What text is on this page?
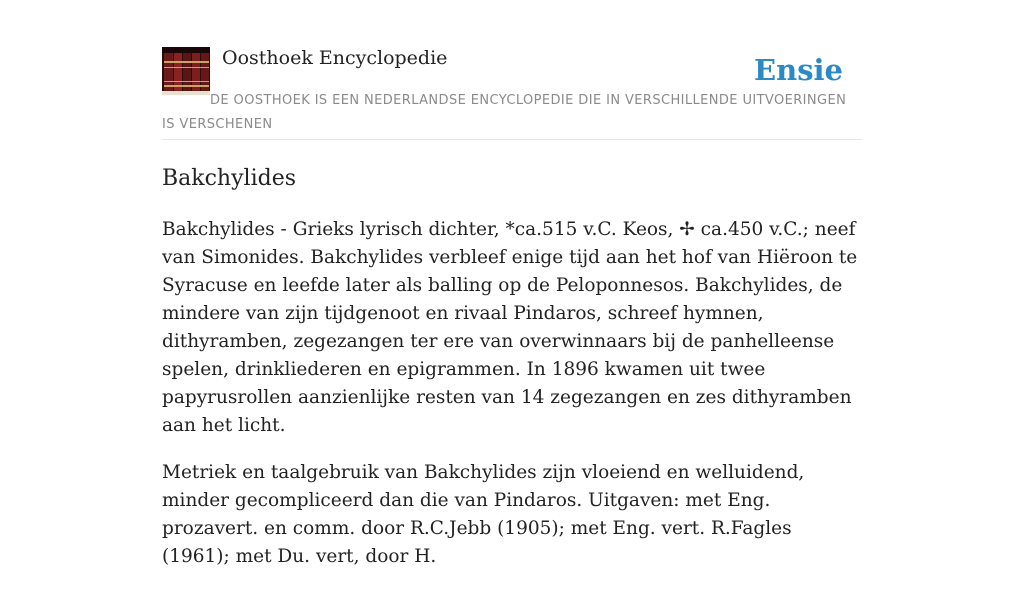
Oosthoek Encyclopedie	Ensie
DE OOSTHOEK IS EEN NEDERLANDSE ENCYCLOPEDIE DIE IN VERSCHILLENDE UITVOERINGEN IS VERSCHENEN
Bakchylides

Bakchylides - Grieks lyrisch dichter, *ca.515 v.C. Keos, ✢ ca.450 v.C.; neef van Simonides. Bakchylides verbleef enige tijd aan het hof van Hiëroon te Syracuse en leefde later als balling op de Peloponnesos. Bakchylides, de mindere van zijn tijdgenoot en rivaal Pindaros, schreef hymnen, dithyramben, zegezangen ter ere van overwinnaars bij de panhelleense spelen, drinkliederen en epigrammen. In 1896 kwamen uit twee papyrusrollen aanzienlijke resten van 14 zegezangen en zes dithyramben aan het licht.

Metriek en taalgebruik van Bakchylides zijn vloeiend en welluidend, minder gecompliceerd dan die van Pindaros. Uitgaven: met Eng. prozavert. en comm. door R.C.Jebb (1905); met Eng. vert. R.Fagles (1961); met Du. vert, door H.
